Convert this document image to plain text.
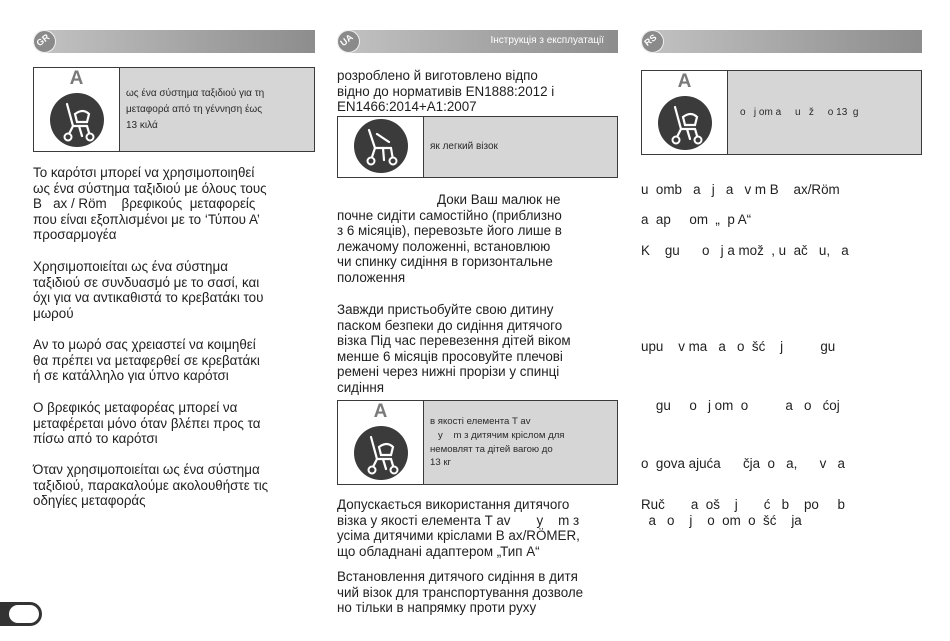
GR	UA	Інструкція з експлуатації	RS
A
ως ένα σύστημα ταξιδιού για τη
μεταφορά από τη γέννηση έως
13 κιλά
Το καρότσι μπορεί να χρησιμοποιηθεί
ως ένα σύστημα ταξιδιού με όλους τους
B   ax / Röm    βρεφικούς  μεταφορείς
που είναι εξοπλισμένοι με το ‘Τύπου Α’
προσαρμογέα
Χρησιμοποιείται ως ένα σύστημα
ταξιδιού σε συνδυασμό με το σασί, και
όχι για να αντικαθιστά το κρεβατάκι του
μωρού
Αν το μωρό σας χρειαστεί να κοιμηθεί
θα πρέπει να μεταφερθεί σε κρεβατάκι
ή σε κατάλληλο για ύπνο καρότσι
Ο βρεφικός μεταφορέας μπορεί να
μεταφέρεται μόνο όταν βλέπει προς τα
πίσω από το καρότσι
Όταν χρησιμοποιείται ως ένα σύστημα
ταξιδιού, παρακαλούμε ακολουθήστε τις
οδηγίες μεταφοράς
розроблено й виготовлено відпо
відно до нормативів EN1888:2012 і
EN1466:2014+A1:2007
як легкий візок
Доки Ваш малюк не
почне сидіти самостійно (приблизно
з 6 місяців), перевозьте його лише в
лежачому положенні, встановлюю
чи спинку сидіння в горизонтальне
положення
Завжди пристьобуйте свою дитину
паском безпеки до сидіння дитячого
візка Під час перевезення дітей віком
менше 6 місяців просовуйте плечові
ремені через нижні прорізи у спинці
сидіння
A	в якості елемента T av
y    m з дитячим кріслом для
немовлят та дітей вагою до
13 кг
Допускається використання дитячого
візка у якості елемента T av       y    m з
усіма дитячими кріслами B ax/RÖMER,
що обладнані адаптером „Тип A“
Встановлення дитячого сидіння в дитя
чий візок для транспортування дозволе
но тільки в напрямку проти руху
A
o   j om a     u   ž     o 13  g
u  omb   a   j   a   v m B    ax/Röm
a  ap     om  „  p A“
K    gu      o   j a mož  , u  ač   u,   a
upu    v ma   a   o  šć    j          gu
gu     o   j om  o          a   o   ćoj
o  gova ajuća      čja  o   a,      v   a
Ruč       a  oš    j       ć   b    po     b
a   o    j    o  om  o  šć    ja
